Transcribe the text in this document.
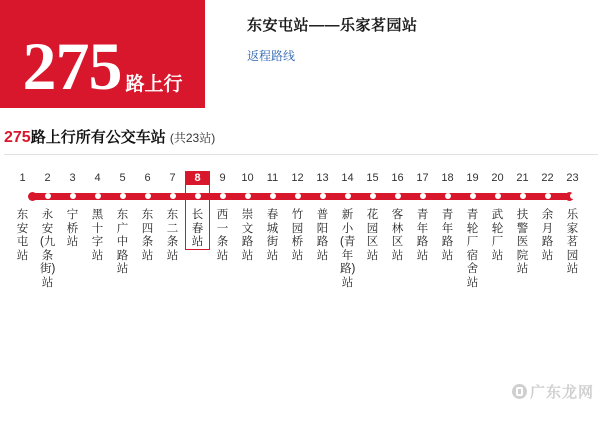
275 路上行
东安屯站——乐家茗园站
返程路线
275路上行所有公交车站 (共23站)
1
东安屯站
2
永安(九条街)站
3
宁桥站
4
黑十字站
5
东广中路站
6
东四条站
7
东二条站
8
长春站
9
西一条站
10
崇文路站
11
春城街站
12
竹园桥站
13
普阳路站
14
新小(青年路)站
15
花园区站
16
客林区站
17
青年路站
18
青年路站
19
青轮厂宿舍站
20
武轮厂站
21
扶警医院站
22
余月路站
23
乐家茗园站
广东龙网
